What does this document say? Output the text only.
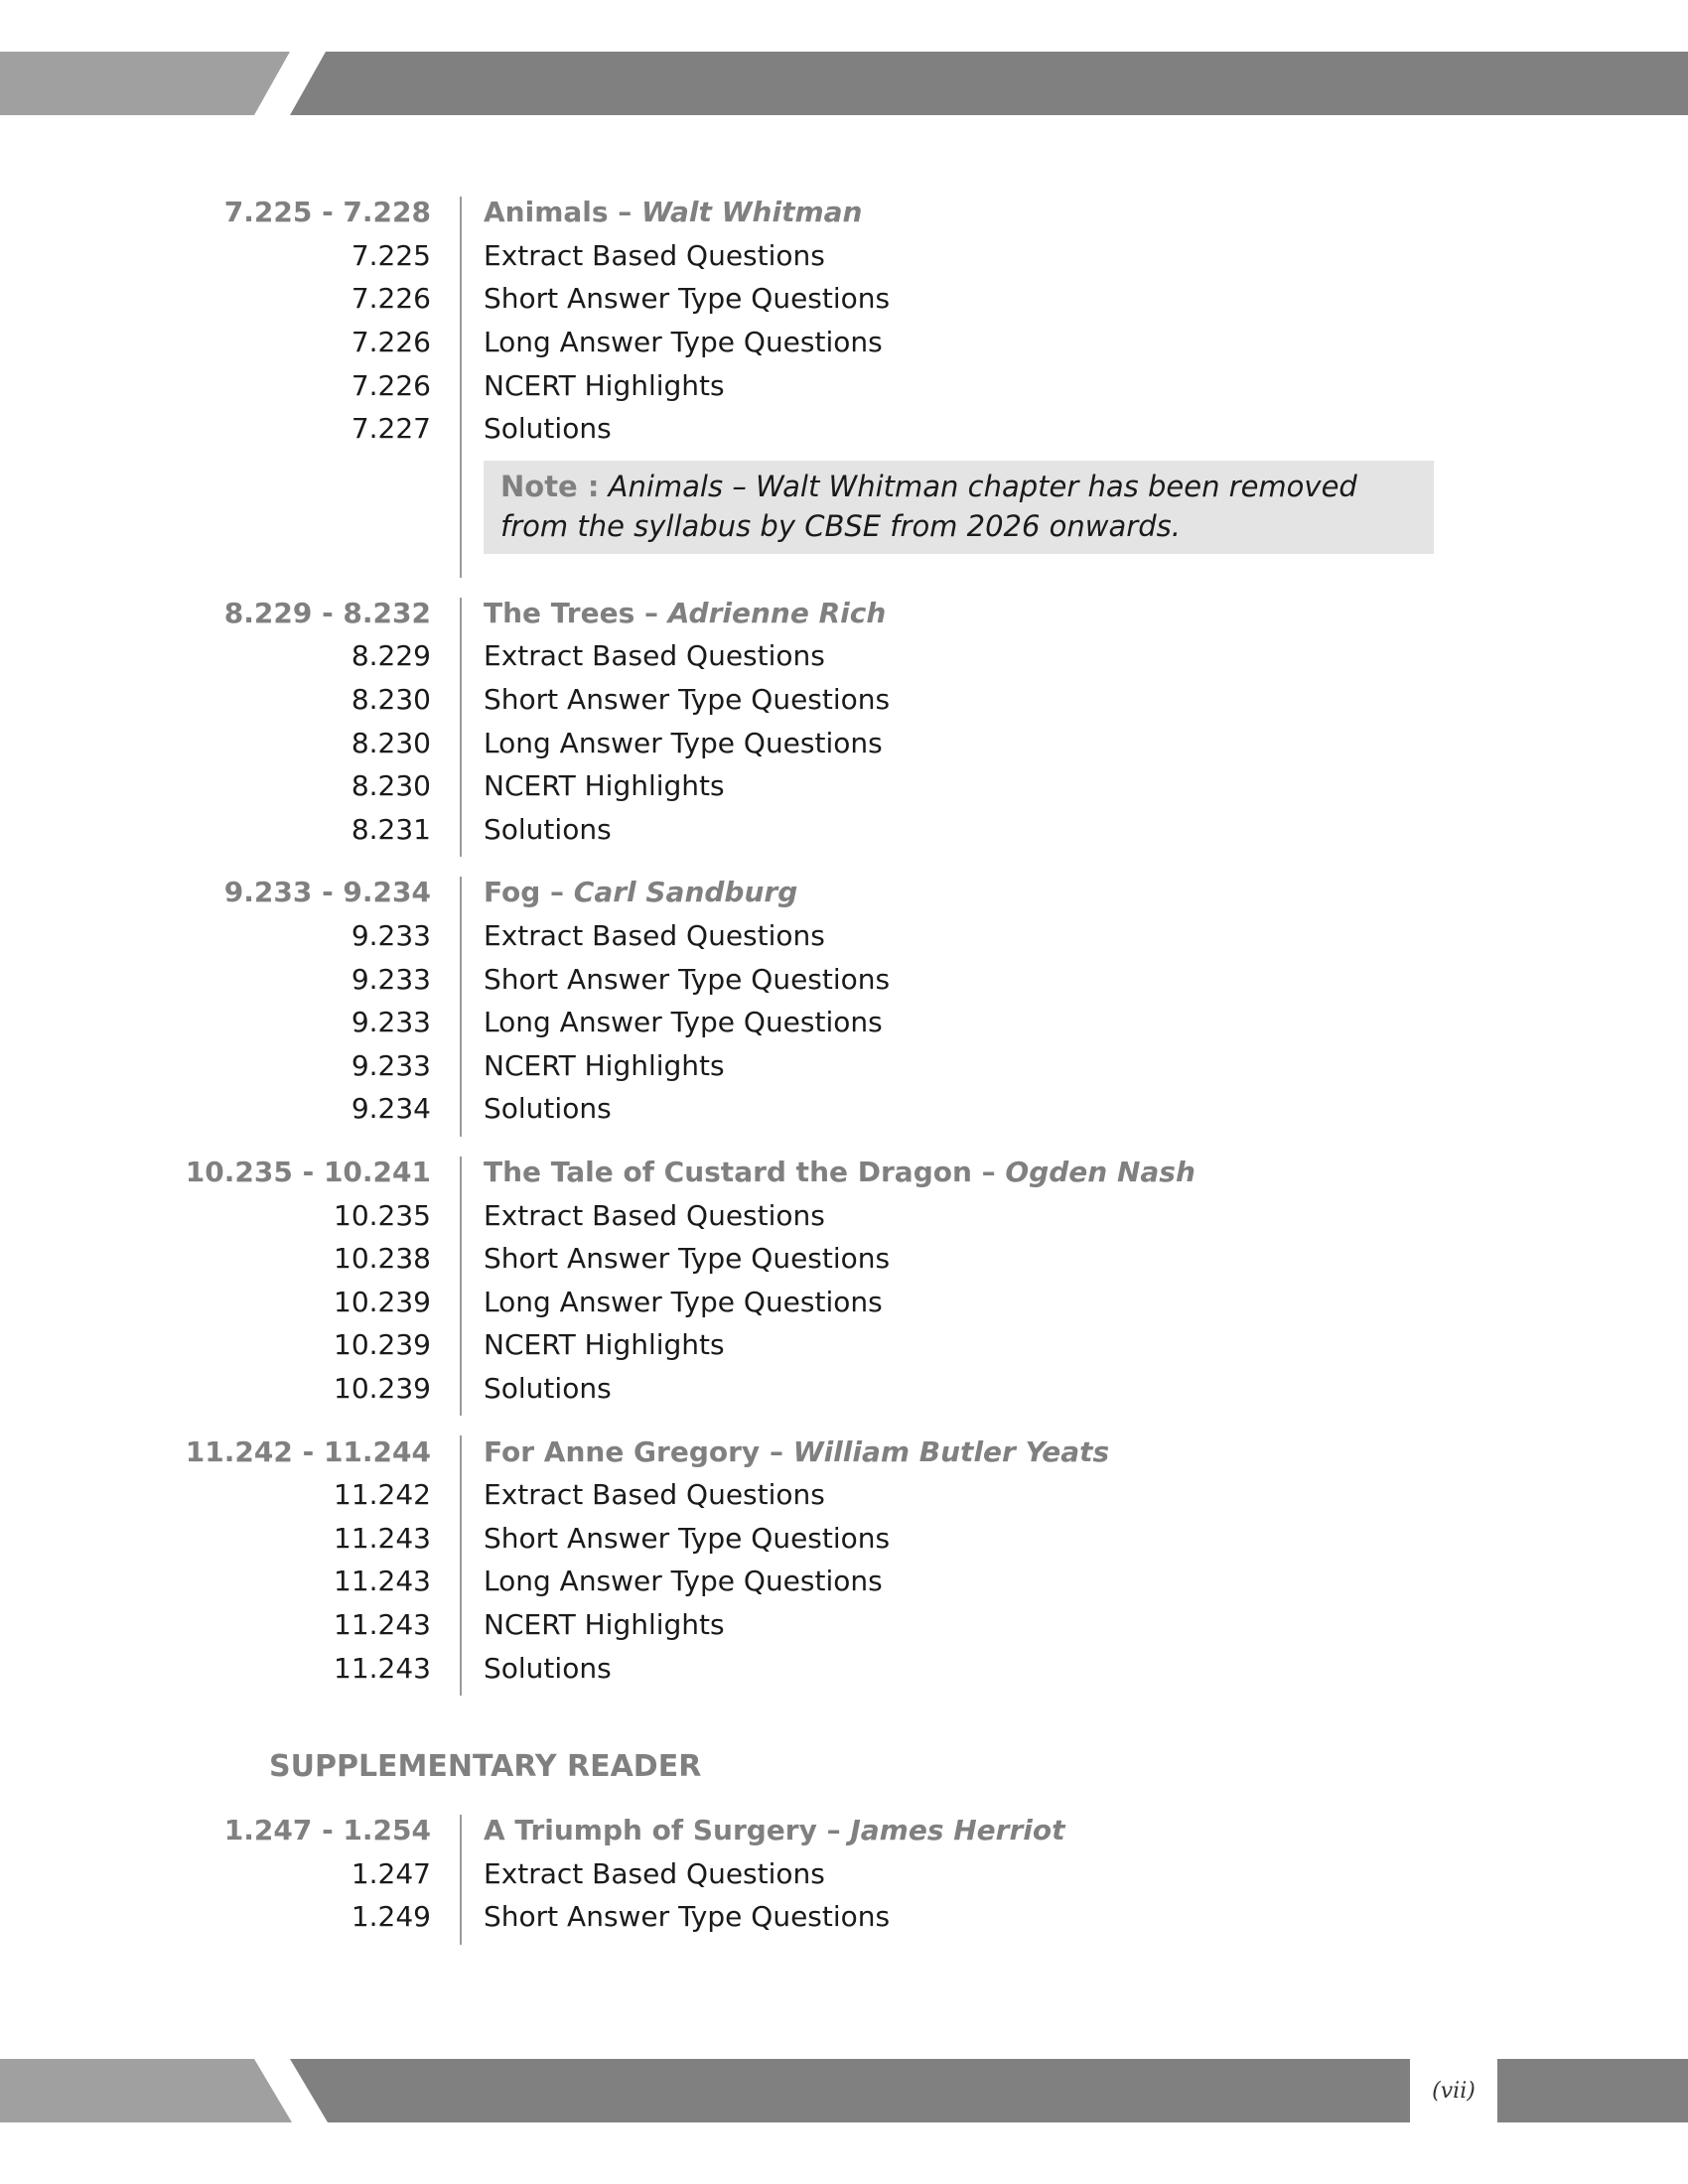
7.225 - 7.228 Animals – Walt Whitman
7.225 Extract Based Questions
7.226 Short Answer Type Questions
7.226 Long Answer Type Questions
7.226 NCERT Highlights
7.227 Solutions
Note : Animals – Walt Whitman chapter has been removed from the syllabus by CBSE from 2026 onwards.
8.229 - 8.232 The Trees – Adrienne Rich
8.229 Extract Based Questions
8.230 Short Answer Type Questions
8.230 Long Answer Type Questions
8.230 NCERT Highlights
8.231 Solutions
9.233 - 9.234 Fog – Carl Sandburg
9.233 Extract Based Questions
9.233 Short Answer Type Questions
9.233 Long Answer Type Questions
9.233 NCERT Highlights
9.234 Solutions
10.235 - 10.241 The Tale of Custard the Dragon – Ogden Nash
10.235 Extract Based Questions
10.238 Short Answer Type Questions
10.239 Long Answer Type Questions
10.239 NCERT Highlights
10.239 Solutions
11.242 - 11.244 For Anne Gregory – William Butler Yeats
11.242 Extract Based Questions
11.243 Short Answer Type Questions
11.243 Long Answer Type Questions
11.243 NCERT Highlights
11.243 Solutions
SUPPLEMENTARY READER
1.247 - 1.254 A Triumph of Surgery – James Herriot
1.247 Extract Based Questions
1.249 Short Answer Type Questions
(vii)
